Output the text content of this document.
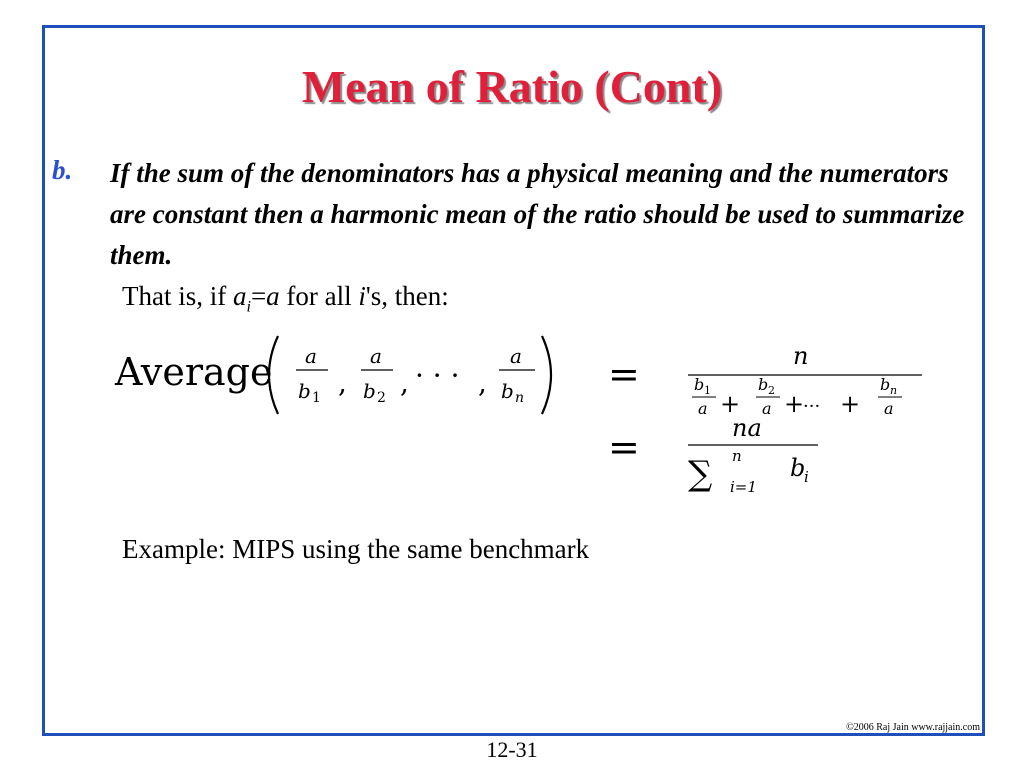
Mean of Ratio (Cont)
b. If the sum of the denominators has a physical meaning and the numerators are constant then a harmonic mean of the ratio should be used to summarize them.
That is, if $a_i=a$ for all i's, then:
Average a
b 1 ,
a
b 2 , · · · ,
a
b n
=	n
b 1
a +
b 2
a +
··· +
b n
a
=	na
∑ n
i=1
b
i
Example: MIPS using the same benchmark
©2006 Raj Jain www.rajjain.com
12-31
